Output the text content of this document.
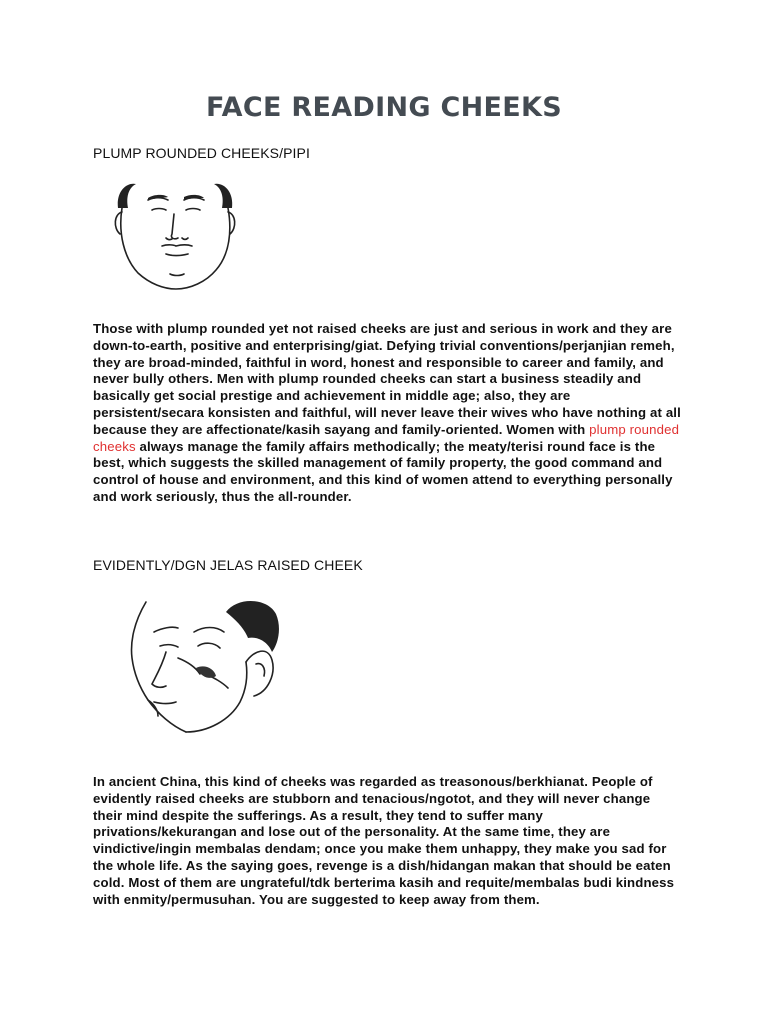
FACE READING CHEEKS
PLUMP ROUNDED CHEEKS/PIPI

Those with plump rounded yet not raised cheeks are just and serious in work and they are down-to-earth, positive and enterprising/giat. Defying trivial conventions/perjanjian remeh, they are broad-minded, faithful in word, honest and responsible to career and family, and never bully others. Men with plump rounded cheeks can start a business steadily and basically get social prestige and achievement in middle age; also, they are persistent/secara konsisten and faithful, will never leave their wives who have nothing at all because they are affectionate/kasih sayang and family-oriented. Women with plump rounded cheeks always manage the family affairs methodically; the meaty/terisi round face is the best, which suggests the skilled management of family property, the good command and control of house and environment, and this kind of women attend to everything personally and work seriously, thus the all-rounder.

EVIDENTLY/DGN JELAS RAISED CHEEK

In ancient China, this kind of cheeks was regarded as treasonous/berkhianat. People of evidently raised cheeks are stubborn and tenacious/ngotot, and they will never change their mind despite the sufferings. As a result, they tend to suffer many privations/kekurangan and lose out of the personality. At the same time, they are vindictive/ingin membalas dendam; once you make them unhappy, they make you sad for the whole life. As the saying goes, revenge is a dish/hidangan makan that should be eaten cold. Most of them are ungrateful/tdk berterima kasih and requite/membalas budi kindness with enmity/permusuhan. You are suggested to keep away from them.
